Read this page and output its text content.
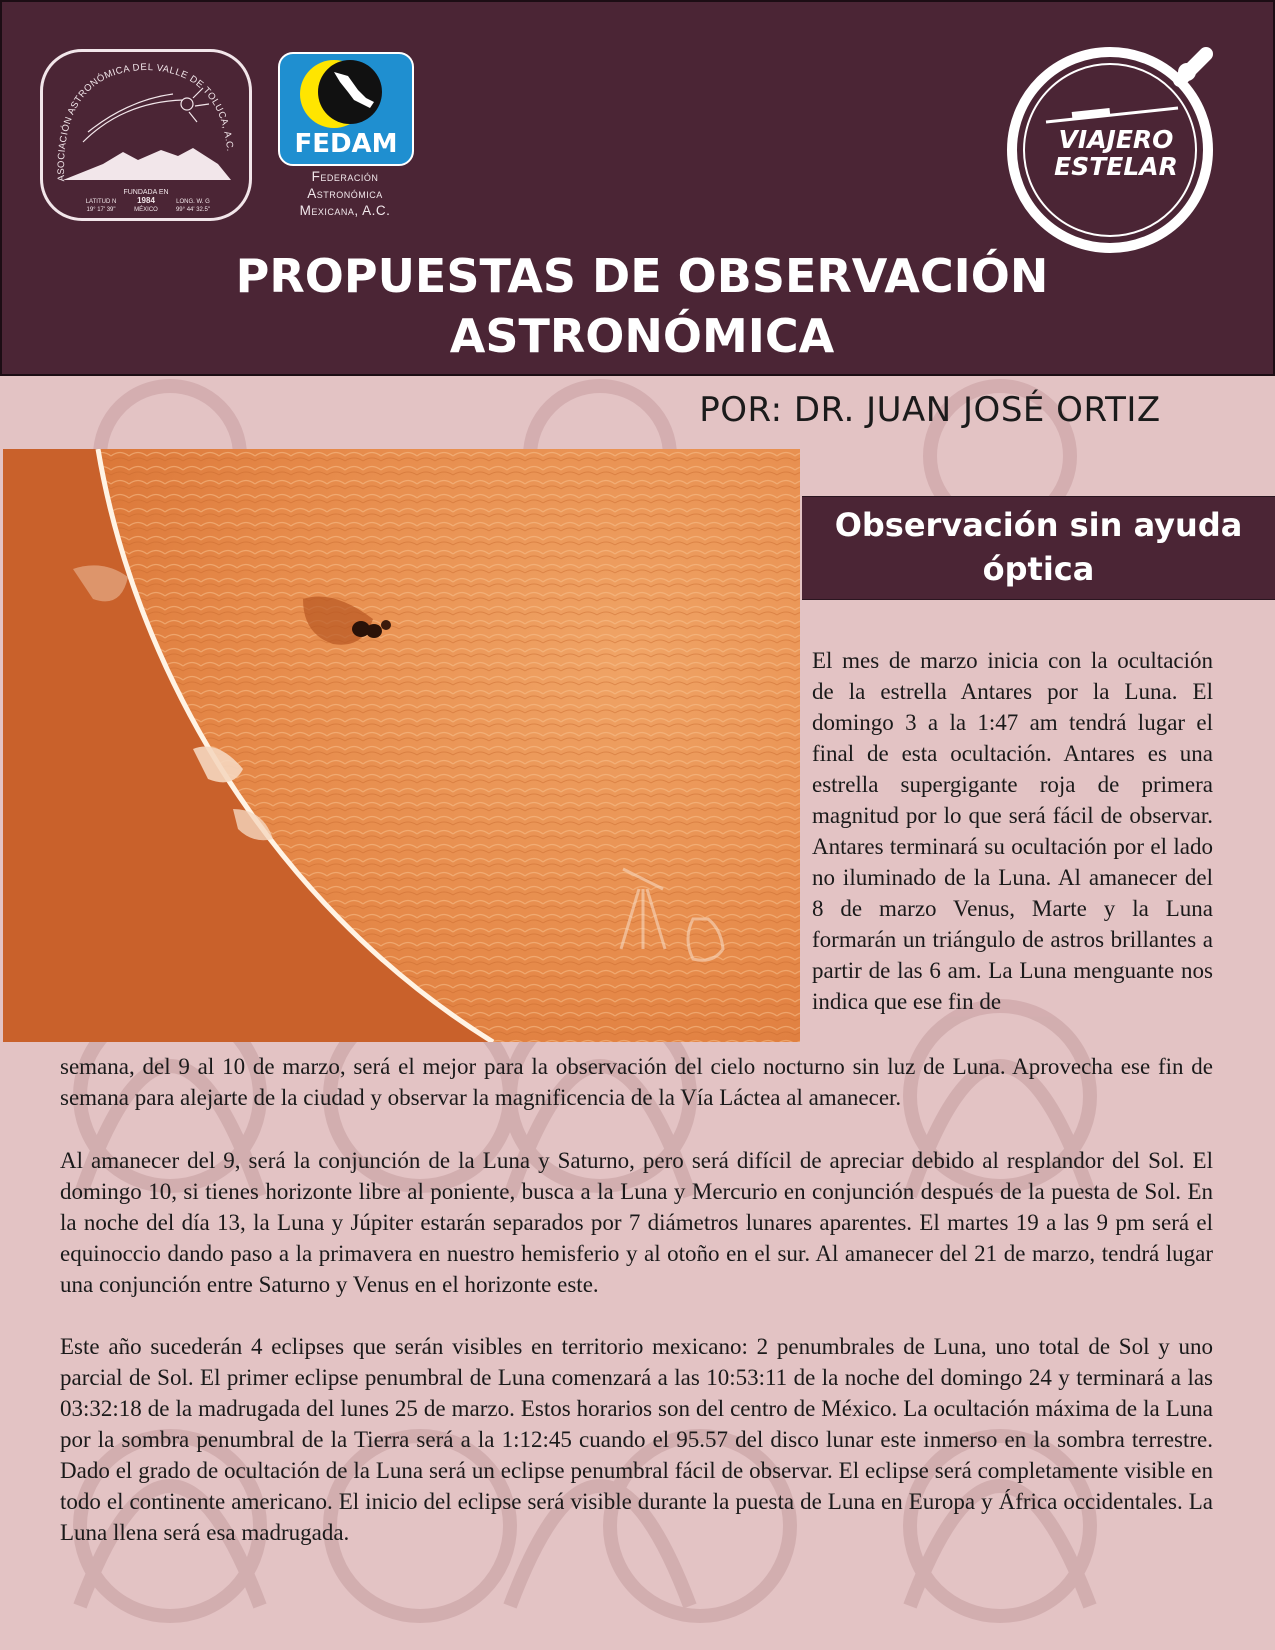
ASOCIACIÓN ASTRONÓMICA DEL VALLE DE TOLUCA, A.C.
FUNDADA EN
1984
MÉXICO
LATITUD N
19° 17' 39"
LONG. W. G
99° 44' 32.5"
FEDAM
Federación
Astronómica
Mexicana, A.C.
VIAJERO
ESTELAR
PROPUESTAS DE OBSERVACIÓN
ASTRONÓMICA
POR: DR. JUAN JOSÉ ORTIZ
Observación sin ayuda
óptica

El mes de marzo inicia con la ocultación de la estrella Antares por la Luna. El domingo 3 a la 1:47 am tendrá lugar el final de esta ocultación. Antares es una estrella supergigante roja de primera magnitud por lo que será fácil de observar. Antares terminará su ocultación por el lado no iluminado de la Luna. Al amanecer del 8 de marzo Venus, Marte y la Luna formarán un triángulo de astros brillantes a partir de las 6 am. La Luna menguante nos indica que ese fin de

semana, del 9 al 10 de marzo, será el mejor para la observación del cielo nocturno sin luz de Luna. Aprovecha ese fin de semana para alejarte de la ciudad y observar la magnificencia de la Vía Láctea al amanecer.

Al amanecer del 9, será la conjunción de la Luna y Saturno, pero será difícil de apreciar debido al resplandor del Sol. El domingo 10, si tienes horizonte libre al poniente, busca a la Luna y Mercurio en conjunción después de la puesta de Sol. En la noche del día 13, la Luna y Júpiter estarán separados por 7 diámetros lunares aparentes. El martes 19 a las 9 pm será el equinoccio dando paso a la primavera en nuestro hemisferio y al otoño en el sur. Al amanecer del 21 de marzo, tendrá lugar una conjunción entre Saturno y Venus en el horizonte este.

Este año sucederán 4 eclipses que serán visibles en territorio mexicano: 2 penumbrales de Luna, uno total de Sol y uno parcial de Sol. El primer eclipse penumbral de Luna comenzará a las 10:53:11 de la noche del domingo 24 y terminará a las 03:32:18 de la madrugada del lunes 25 de marzo. Estos horarios son del centro de México. La ocultación máxima de la Luna por la sombra penumbral de la Tierra será a la 1:12:45 cuando el 95.57 del disco lunar este inmerso en la sombra terrestre. Dado el grado de ocultación de la Luna será un eclipse penumbral fácil de observar. El eclipse será completamente visible en todo el continente americano. El inicio del eclipse será visible durante la puesta de Luna en Europa y África occidentales. La Luna llena será esa madrugada.
